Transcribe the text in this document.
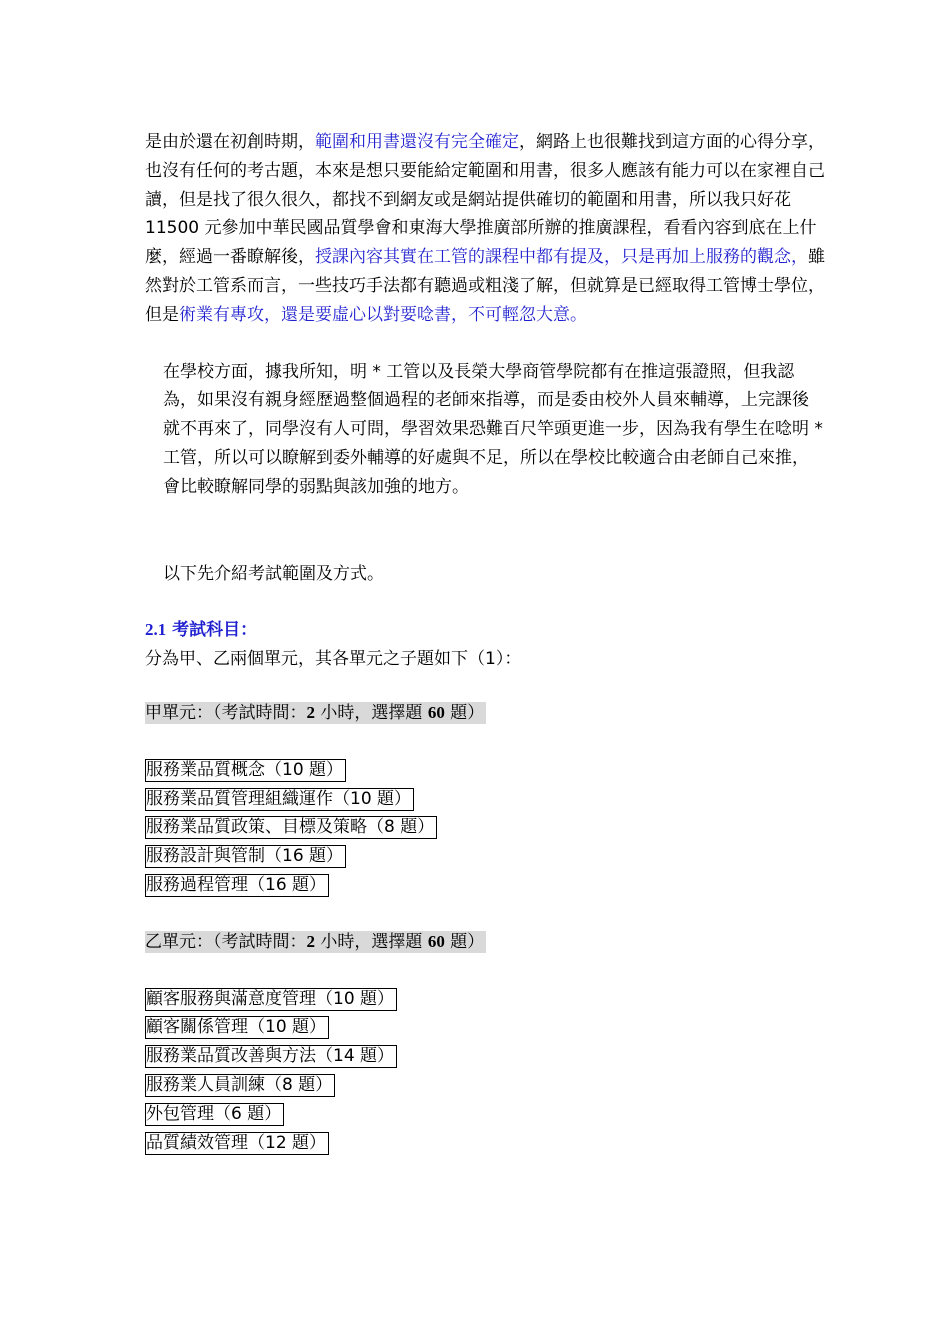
是由於還在初創時期，範圍和用書還沒有完全確定，網路上也很難找到這方面的心得分享，也沒有任何的考古題，本來是想只要能給定範圍和用書，很多人應該有能力可以在家裡自己讀，但是找了很久很久，都找不到網友或是網站提供確切的範圍和用書，所以我只好花 11500 元參加中華民國品質學會和東海大學推廣部所辦的推廣課程，看看內容到底在上什麼，經過一番瞭解後，授課內容其實在工管的課程中都有提及，只是再加上服務的觀念，雖然對於工管系而言，一些技巧手法都有聽過或粗淺了解，但就算是已經取得工管博士學位，但是術業有專攻，還是要虛心以對要唸書，不可輕忽大意。

在學校方面，據我所知，明 * 工管以及長榮大學商管學院都有在推這張證照，但我認為，如果沒有親身經歷過整個過程的老師來指導，而是委由校外人員來輔導，上完課後就不再來了，同學沒有人可問，學習效果恐難百尺竿頭更進一步，因為我有學生在唸明 * 工管，所以可以瞭解到委外輔導的好處與不足，所以在學校比較適合由老師自己來推，會比較瞭解同學的弱點與該加強的地方。

以下先介紹考試範圍及方式。

2.1 考試科目：

分為甲、乙兩個單元，其各單元之子題如下（1）：

甲單元：（考試時間：2 小時，選擇題 60 題）
服務業品質概念（10 題）
服務業品質管理組織運作（10 題）
服務業品質政策、目標及策略（8 題）
服務設計與管制（16 題）
服務過程管理（16 題）
乙單元：（考試時間：2 小時，選擇題 60 題）
顧客服務與滿意度管理（10 題）
顧客關係管理（10 題）
服務業品質改善與方法（14 題）
服務業人員訓練（8 題）
外包管理（6 題）
品質績效管理（12 題）
